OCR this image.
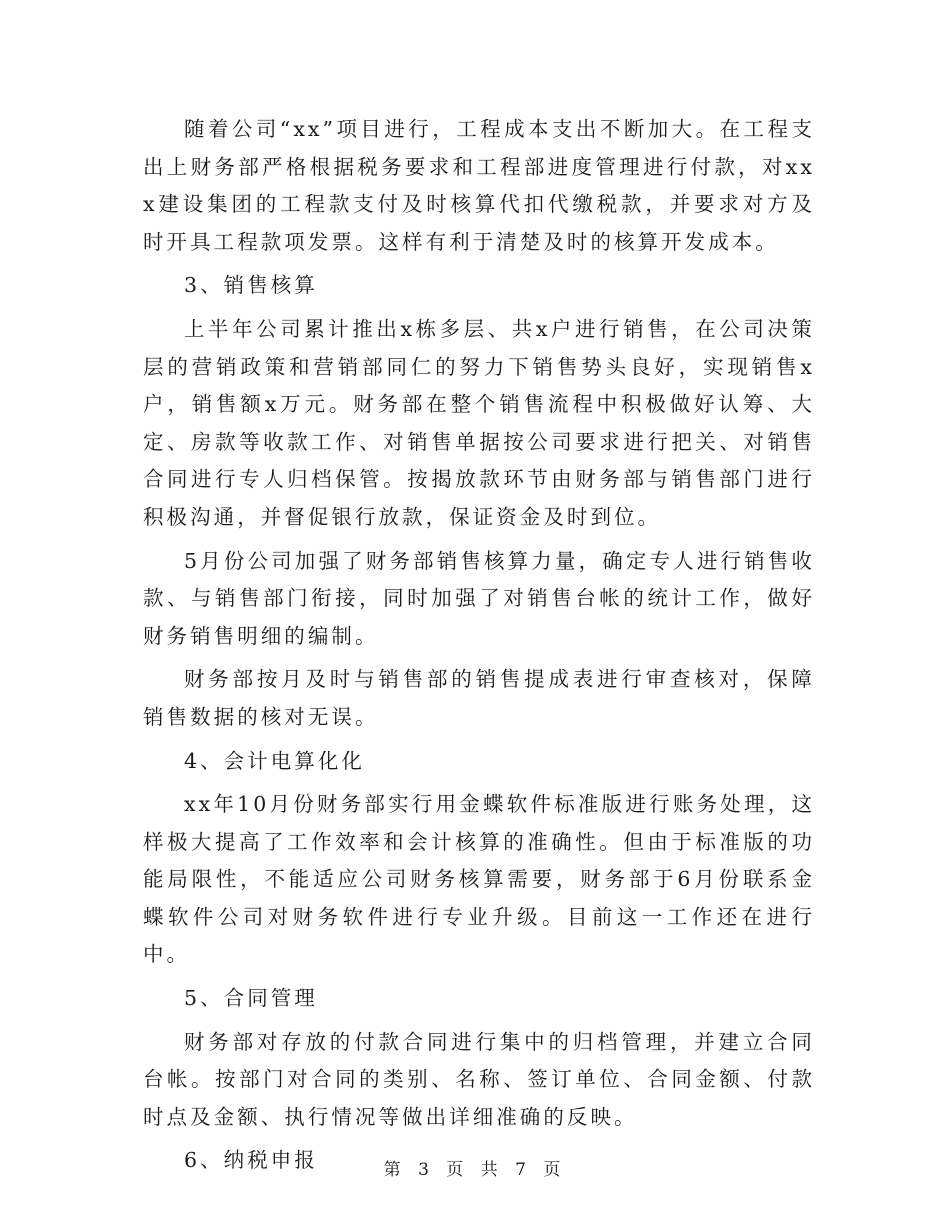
随着公司“xx”项目进行，工程成本支出不断加大。在工程支出上财务部严格根据税务要求和工程部进度管理进行付款，对xxx建设集团的工程款支付及时核算代扣代缴税款，并要求对方及时开具工程款项发票。这样有利于清楚及时的核算开发成本。

3、销售核算

上半年公司累计推出x栋多层、共x户进行销售，在公司决策层的营销政策和营销部同仁的努力下销售势头良好，实现销售x户，销售额x万元。财务部在整个销售流程中积极做好认筹、大定、房款等收款工作、对销售单据按公司要求进行把关、对销售合同进行专人归档保管。按揭放款环节由财务部与销售部门进行积极沟通，并督促银行放款，保证资金及时到位。

5月份公司加强了财务部销售核算力量，确定专人进行销售收款、与销售部门衔接，同时加强了对销售台帐的统计工作，做好财务销售明细的编制。

财务部按月及时与销售部的销售提成表进行审查核对，保障销售数据的核对无误。

4、会计电算化化

xx年10月份财务部实行用金蝶软件标准版进行账务处理，这样极大提高了工作效率和会计核算的准确性。但由于标准版的功能局限性，不能适应公司财务核算需要，财务部于6月份联系金蝶软件公司对财务软件进行专业升级。目前这一工作还在进行中。

5、合同管理

财务部对存放的付款合同进行集中的归档管理，并建立合同台帐。按部门对合同的类别、名称、签订单位、合同金额、付款时点及金额、执行情况等做出详细准确的反映。

6、纳税申报	第 3 页 共 7 页
